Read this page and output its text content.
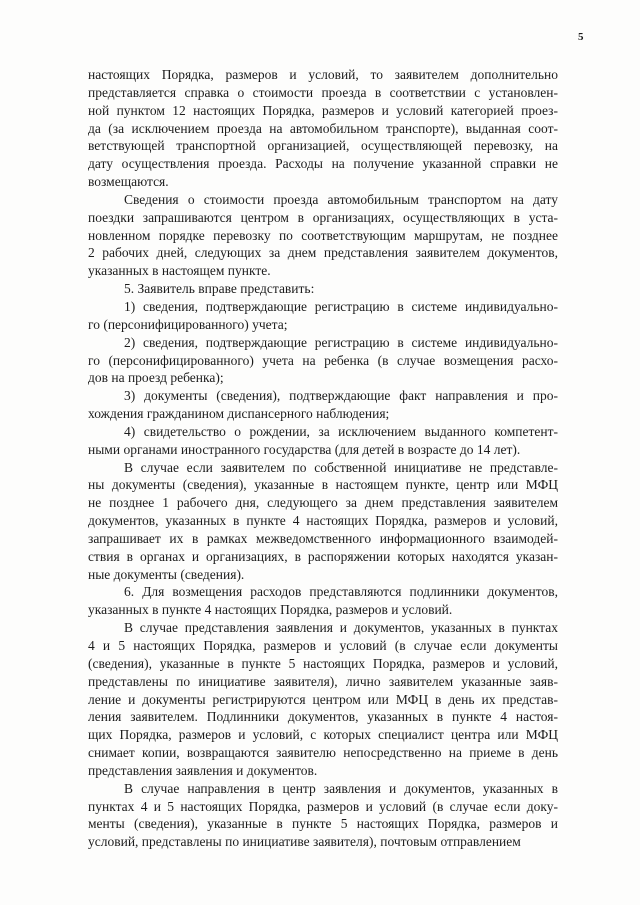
5
настоящих Порядка, размеров и условий, то заявителем дополнительно
представляется справка о стоимости проезда в соответствии с установлен-
ной пунктом 12 настоящих Порядка, размеров и условий категорией проез-
да (за исключением проезда на автомобильном транспорте), выданная соот-
ветствующей транспортной организацией, осуществляющей перевозку, на
дату осуществления проезда. Расходы на получение указанной справки не
возмещаются.
Сведения о стоимости проезда автомобильным транспортом на дату
поездки запрашиваются центром в организациях, осуществляющих в уста-
новленном порядке перевозку по соответствующим маршрутам, не позднее
2 рабочих дней, следующих за днем представления заявителем документов,
указанных в настоящем пункте.
5. Заявитель вправе представить:
1) сведения, подтверждающие регистрацию в системе индивидуально-
го (персонифицированного) учета;
2) сведения, подтверждающие регистрацию в системе индивидуально-
го (персонифицированного) учета на ребенка (в случае возмещения расхо-
дов на проезд ребенка);
3) документы (сведения), подтверждающие факт направления и про-
хождения гражданином диспансерного наблюдения;
4) свидетельство о рождении, за исключением выданного компетент-
ными органами иностранного государства (для детей в возрасте до 14 лет).
В случае если заявителем по собственной инициативе не представле-
ны документы (сведения), указанные в настоящем пункте, центр или МФЦ
не позднее 1 рабочего дня, следующего за днем представления заявителем
документов, указанных в пункте 4 настоящих Порядка, размеров и условий,
запрашивает их в рамках межведомственного информационного взаимодей-
ствия в органах и организациях, в распоряжении которых находятся указан-
ные документы (сведения).
6. Для возмещения расходов представляются подлинники документов,
указанных в пункте 4 настоящих Порядка, размеров и условий.
В случае представления заявления и документов, указанных в пунктах
4 и 5 настоящих Порядка, размеров и условий (в случае если документы
(сведения), указанные в пункте 5 настоящих Порядка, размеров и условий,
представлены по инициативе заявителя), лично заявителем указанные заяв-
ление и документы регистрируются центром или МФЦ в день их представ-
ления заявителем. Подлинники документов, указанных в пункте 4 настоя-
щих Порядка, размеров и условий, с которых специалист центра или МФЦ
снимает копии, возвращаются заявителю непосредственно на приеме в день
представления заявления и документов.
В случае направления в центр заявления и документов, указанных в
пунктах 4 и 5 настоящих Порядка, размеров и условий (в случае если доку-
менты (сведения), указанные в пункте 5 настоящих Порядка, размеров и
условий, представлены по инициативе заявителя), почтовым отправлением
